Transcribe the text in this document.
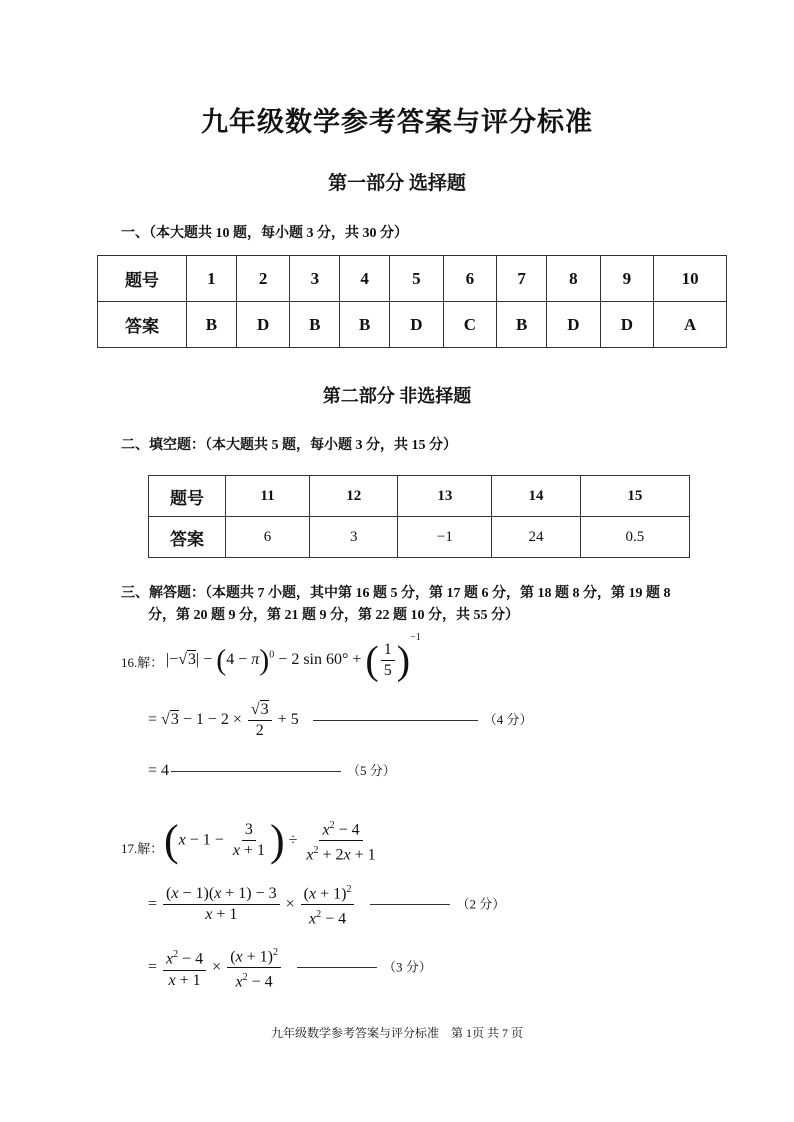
九年级数学参考答案与评分标准
第一部分 选择题
一、（本大题共 10 题，每小题 3 分，共 30 分）
题号	1	2	3	4	5	6	7	8	9	10
答案	B	D	B	B	D	C	B	D	D	A
第二部分 非选择题
二、填空题：（本大题共 5 题，每小题 3 分，共 15 分）
题号	11	12	13	14	15
答案	6	3	−1	24	0.5
三、解答题：（本题共 7 小题，其中第 16 题 5 分，第 17 题 6 分，第 18 题 8 分，第 19 题 8
分，第 20 题 9 分，第 21 题 9 分，第 22 题 10 分，共 55 分）
16.解： $|-√3| - (4 - \pi)^0 - 2$ sin 60° + ( $\frac{1}{5} )^{-1}$
= $√3 - 1 - 2 \times \frac{√3}{2} + 5$	（4 分）
= 4	（5 分）
17.解： ($x - 1 - \frac{3}{x + 1}$ ) ÷ $\frac{x^2 - 4}{x^2 + 2x + 1}$
= $\frac{(x - 1)(x + 1) - 3}{x + 1} \times \frac{(x + 1)^2}{x^2 - 4}$	（2 分）
= $\frac{x^2 - 4}{x + 1} \times \frac{(x + 1)^2}{x^2 - 4}$	（3 分）
九年级数学参考答案与评分标准　第 1页 共 7 页
